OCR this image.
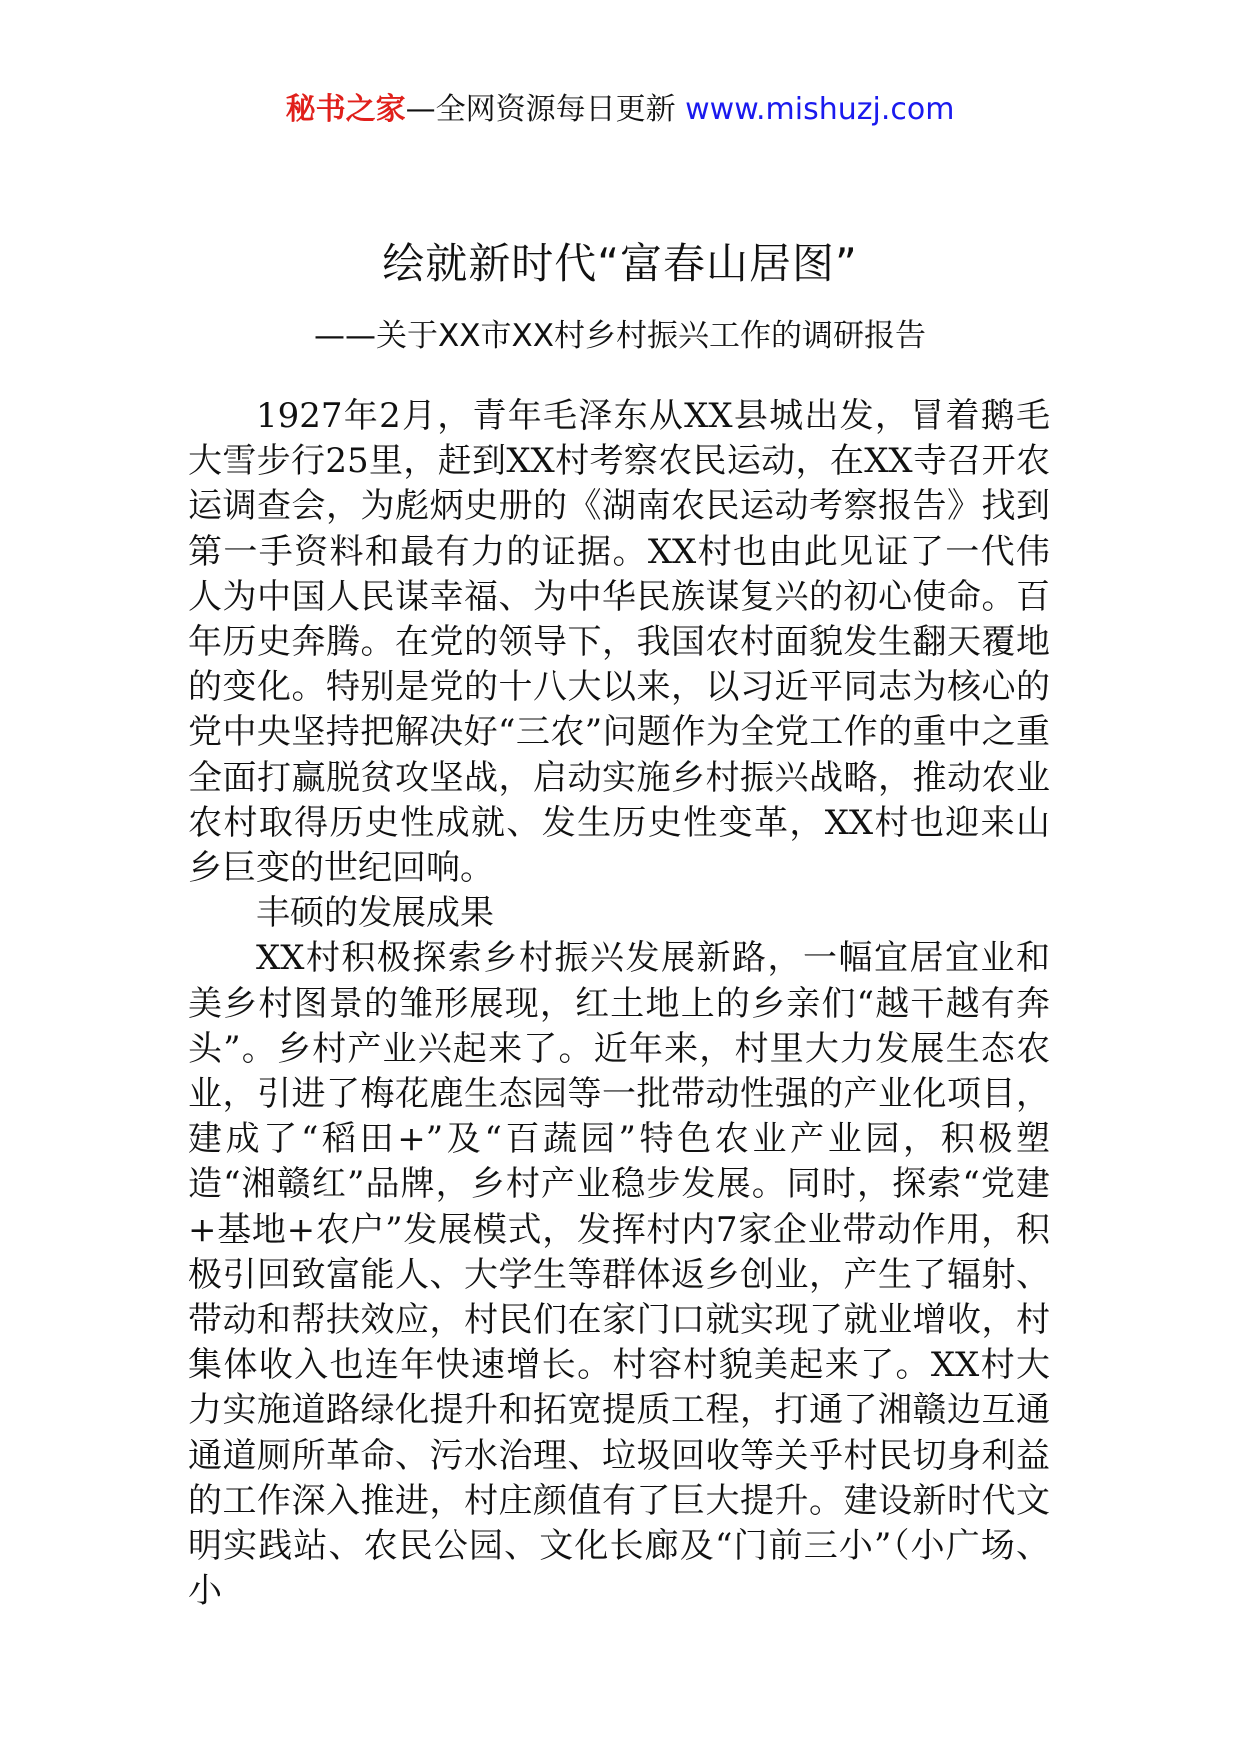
秘书之家—全网资源每日更新 www.mishuzj.com
绘就新时代“富春山居图”
——关于XX市XX村乡村振兴工作的调研报告

1927年2月，青年毛泽东从XX县城出发，冒着鹅毛大雪步行25里，赶到XX村考察农民运动，在XX寺召开农运调查会，为彪炳史册的《湖南农民运动考察报告》找到第一手资料和最有力的证据。XX村也由此见证了一代伟人为中国人民谋幸福、为中华民族谋复兴的初心使命。百年历史奔腾。在党的领导下，我国农村面貌发生翻天覆地的变化。特别是党的十八大以来，以习近平同志为核心的党中央坚持把解决好“三农”问题作为全党工作的重中之重全面打赢脱贫攻坚战，启动实施乡村振兴战略，推动农业农村取得历史性成就、发生历史性变革，XX村也迎来山乡巨变的世纪回响。

丰硕的发展成果

XX村积极探索乡村振兴发展新路，一幅宜居宜业和美乡村图景的雏形展现，红土地上的乡亲们“越干越有奔头”。乡村产业兴起来了。近年来，村里大力发展生态农业，引进了梅花鹿生态园等一批带动性强的产业化项目，建成了“稻田+”及“百蔬园”特色农业产业园，积极塑造“湘赣红”品牌，乡村产业稳步发展。同时，探索“党建+基地+农户”发展模式，发挥村内7家企业带动作用，积极引回致富能人、大学生等群体返乡创业，产生了辐射、带动和帮扶效应，村民们在家门口就实现了就业增收，村集体收入也连年快速增长。村容村貌美起来了。XX村大力实施道路绿化提升和拓宽提质工程，打通了湘赣边互通通道厕所革命、污水治理、垃圾回收等关乎村民切身利益的工作深入推进，村庄颜值有了巨大提升。建设新时代文明实践站、农民公园、文化长廊及“门前三小”（小广场、小
